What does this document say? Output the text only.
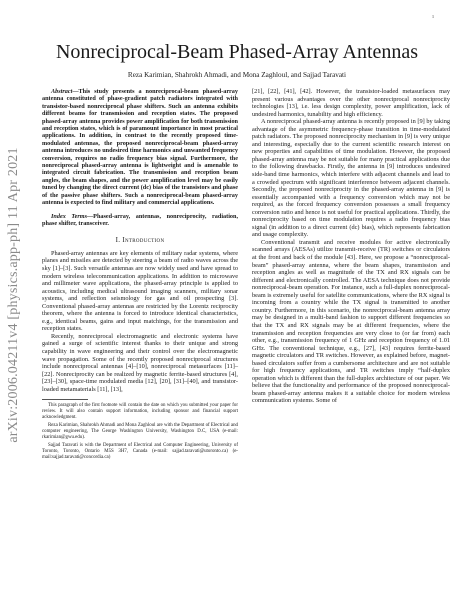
1
arXiv:2006.04211v4 [physics.app-ph] 11 Apr 2021
Nonreciprocal-Beam Phased-Array Antennas
Reza Karimian, Shahrokh Ahmadi, and Mona Zaghloul, and Sajjad Taravati

Abstract—This study presents a nonreciprocal-beam phased-array antenna constituted of phase-gradient patch radiators integrated with transistor-based nonreciprocal phase shifters. Such an antenna exhibits different beams for transmission and reception states. The proposed phased-array antenna provides power amplification for both transmission and reception states, which is of paramount importance in most practical applications. In addition, in contrast to the recently proposed time-modulated antennas, the proposed nonreciprocal-beam phased-array antenna introduces no undesired time harmonics and unwanted frequency conversion, requires no radio frequency bias signal. Furthermore, the nonreciprocal phased-array antenna is lightweight and is amenable to integrated circuit fabrication. The transmission and reception beam angles, the beam shapes, and the power amplification level may be easily tuned by changing the direct current (dc) bias of the transistors and phase of the passive phase shifters. Such a nonreciprocal-beam phased-array antenna is expected to find military and commercial applications.

Index Terms—Phased-array, antennas, nonreciprocity, radiation, phase shifter, transceiver.

I. Introduction

Phased-array antennas are key elements of military radar systems, where planes and missiles are detected by steering a beam of radio waves across the sky [1]–[3]. Such versatile antennas are now widely used and have spread to modern wireless telecommunication applications. In addition to microwave and millimeter wave applications, the phased-array principle is applied to acoustics, including medical ultrasound imaging scanners, military sonar systems, and reflection seismology for gas and oil prospecting [3]. Conventional phased-array antennas are restricted by the Lorentz reciprocity theorem, where the antenna is forced to introduce identical characteristics, e.g., identical beams, gains and input matchings, for the transmission and reception states.

Recently, nonreciprocal electromagnetic and electronic systems have gained a surge of scientific interest thanks to their unique and strong capability in wave engineering and their control over the electromagnetic wave propagation. Some of the recently proposed nonreciprocal structures include nonreciprocal antennas [4]–[10], nonreciprocal metasurfaces [11]–[22]. Nonreciprocity can be realized by magnetic ferrite-based structures [4], [23]–[30], space-time modulated media [12], [20], [31]–[40], and transistor-loaded metamaterials [11], [13],

This paragraph of the first footnote will contain the date on which you submitted your paper for review. It will also contain support information, including sponsor and financial support acknowledgment.

Reza Karimian, Shahrokh Ahmadi and Mona Zaghloul are with the Department of Electrical and computer engineering, The George Washington University, Washington D.C, USA (e-mail: rkarimian@gwu.edu).

Sajjad Taravati is with the Department of Electrical and Computer Engineering, University of Toronto, Toronto, Ontario M5S 3H7, Canada (e-mail: sajjad.taravati@utoronto.ca) (e-mail:sajjad.taravati@concordia.ca)

[21], [22], [41], [42]. However, the transistor-loaded metasurfaces may present various advantages over the other nonreciprocal nonreciprocity technologies [13], i.e. less design complexity, power amplification, lack of undesired harmonics, tunability and high efficiency.

A nonreciprocal phased-array antenna is recently proposed in [9] by taking advantage of the asymmetric frequency-phase transition in time-modulated patch radiators. The proposed nonreciprocity mechanism in [9] is very unique and interesting, especially due to the current scientific research interest on new properties and capabilities of time modulation. However, the proposed phased-array antenna may be not suitable for many practical applications due to the following drawbacks. Firstly, the antenna in [9] introduces undesired side-band time harmonics, which interfere with adjacent channels and lead to a crowded spectrum with significant interference between adjacent channels. Secondly, the proposed nonreciprocity in the phased-array antenna in [9] is essentially accompanied with a frequency conversion which may not be required, as the forced frequency conversion possesses a small frequency conversion ratio and hence is not useful for practical applications. Thirdly, the nonreciprocity based on time modulation requires a radio frequency bias signal (in addition to a direct current (dc) bias), which represents fabrication and usage complexity.

Conventional transmit and receive modules for active electronically scanned arrays (AESAs) utilize transmit-receive (TR) switches or circulators at the front and back of the module [43]. Here, we propose a “nonreciprocal-beam” phased-array antenna, where the beam shapes, transmission and reception angles as well as magnitude of the TX and RX signals can be different and electronically controlled. The AESA technique does not provide nonreciprocal-beam operation. For instance, such a full-duplex nonreciprocal-beam is extremely useful for satellite communications, where the RX signal is incoming from a country while the TX signal is transmitted to another country. Furthermore, in this scenario, the nonreciprocal-beam antenna array may be designed in a multi-band fashion to support different frequencies so that the TX and RX signals may be at different frequencies, where the transmission and reception frequencies are very close to (or far from) each other, e.g., transmission frequency of 1 GHz and reception frequency of 1.01 GHz. The conventional technique, e.g., [27], [43] requires ferrite-based magnetic circulators and TR switches. However, as explained before, magnet-based circulators suffer from a cumbersome architecture and are not suitable for high frequency applications, and TR switches imply “half-duplex operation which is different than the full-duplex architecture of our paper. We believe that the functionality and performance of the proposed nonreciprocal-beam phased-array antenna makes it a suitable choice for modern wireless communication systems. Some of
